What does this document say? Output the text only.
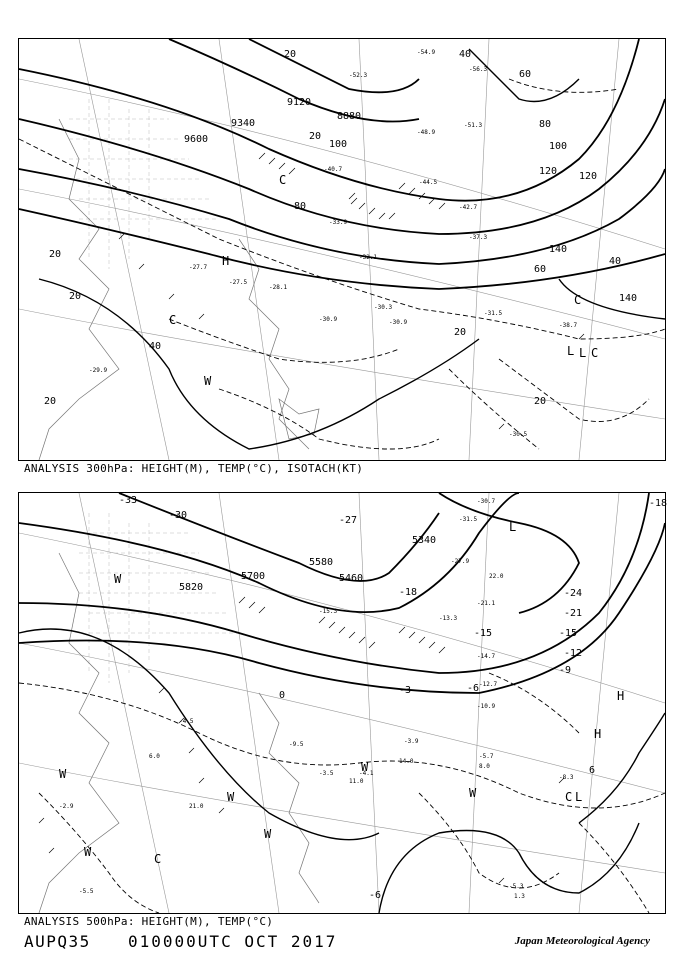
9600
9340
9120
8880
20	40
60
80
100
120
140
60
40
20
20
20
20
80
100
120
140
40
20	20
H
L
C
C
W
L
C
C
-27.5
-30.3
-30.9
-31.5
-33.9
-40.7
-44.5
-48.9
-51.3
-52.3
-54.9
-56.3
-29.9
-30.9
-37.3
-32.1
-42.7
-38.7
-27.7
-28.1
-30.5
ANALYSIS 300hPa: HEIGHT(M), TEMP(°C), ISOTACH(KT)
5820
5700
5580
5460
5340
-18
-21
-24
-15
-12
-9
-6
-3
0
6
-6
-15
-18
-33
-30	-27
H
L
C
W
W
W
W
W	C
L
W
W
H
-31.5
-30.7
-27.9
-21.1
-15.3
-13.3
-14.7
-12.7
-10.9
-5.7
-3.9
-4.1
-8.3
-5.3
-5.5
-2.9
-9.5
-3.5
-4.5
1.3
6.0
8.0
11.0
14.0
21.0
22.0
ANALYSIS 500hPa: HEIGHT(M), TEMP(°C)
AUPQ35 010000UTC OCT 2017	Japan Meteorological Agency
